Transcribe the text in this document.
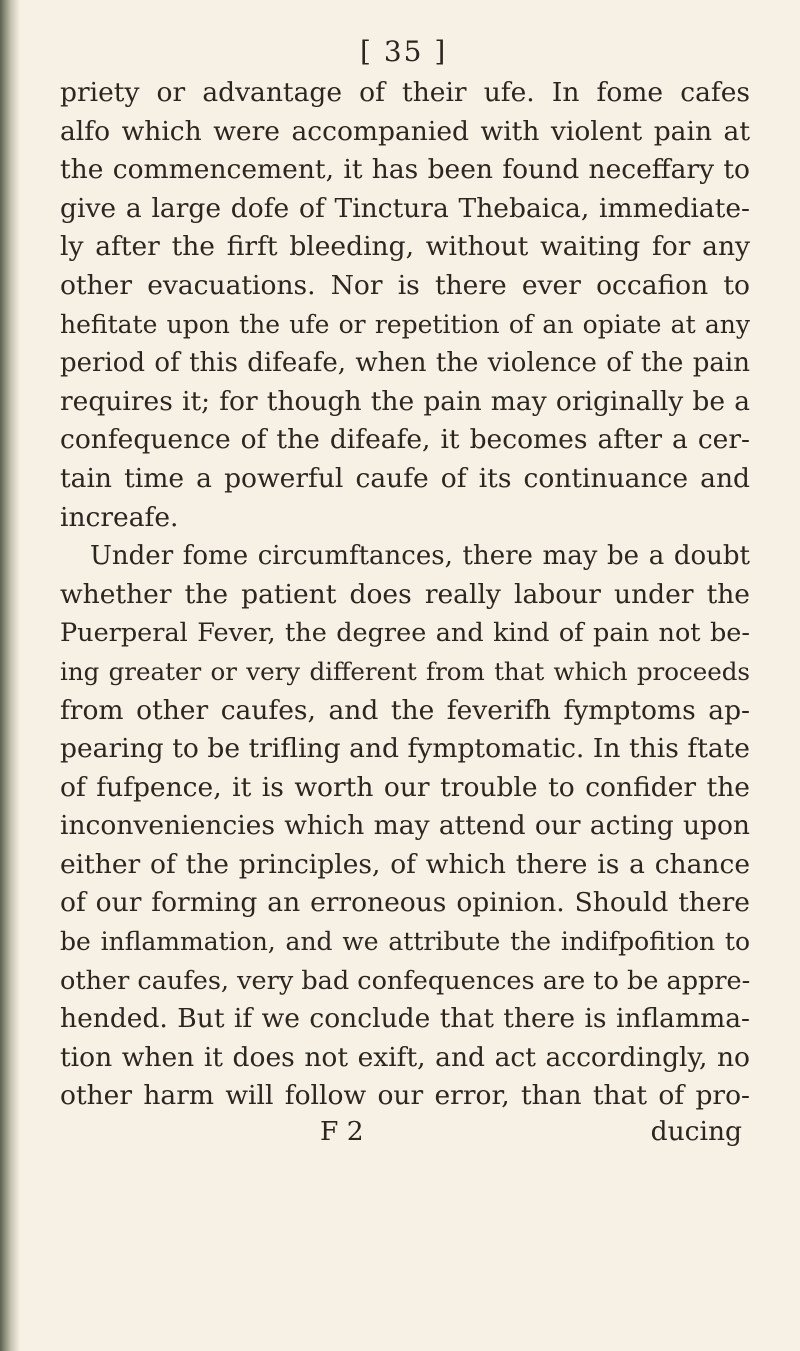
[ 35 ]
priety or advantage of their ufe. In fome cafes
alfo which were accompanied with violent pain at
the commencement, it has been found neceffary to
give a large dofe of Tinctura Thebaica, immediate-
ly after the firft bleeding, without waiting for any
other evacuations. Nor is there ever occafion to
hefitate upon the ufe or repetition of an opiate at any
period of this difeafe, when the violence of the pain
requires it; for though the pain may originally be a
confequence of the difeafe, it becomes after a cer-
tain time a powerful caufe of its continuance and
increafe.
Under fome circumftances, there may be a doubt
whether the patient does really labour under the
Puerperal Fever, the degree and kind of pain not be-
ing greater or very different from that which proceeds
from other caufes, and the feverifh fymptoms ap-
pearing to be trifling and fymptomatic. In this ftate
of fufpence, it is worth our trouble to confider the
inconveniencies which may attend our acting upon
either of the principles, of which there is a chance
of our forming an erroneous opinion. Should there
be inflammation, and we attribute the indifpofition to
other caufes, very bad confequences are to be appre-
hended. But if we conclude that there is inflamma-
tion when it does not exift, and act accordingly, no
other harm will follow our error, than that of pro-
F 2	ducing
